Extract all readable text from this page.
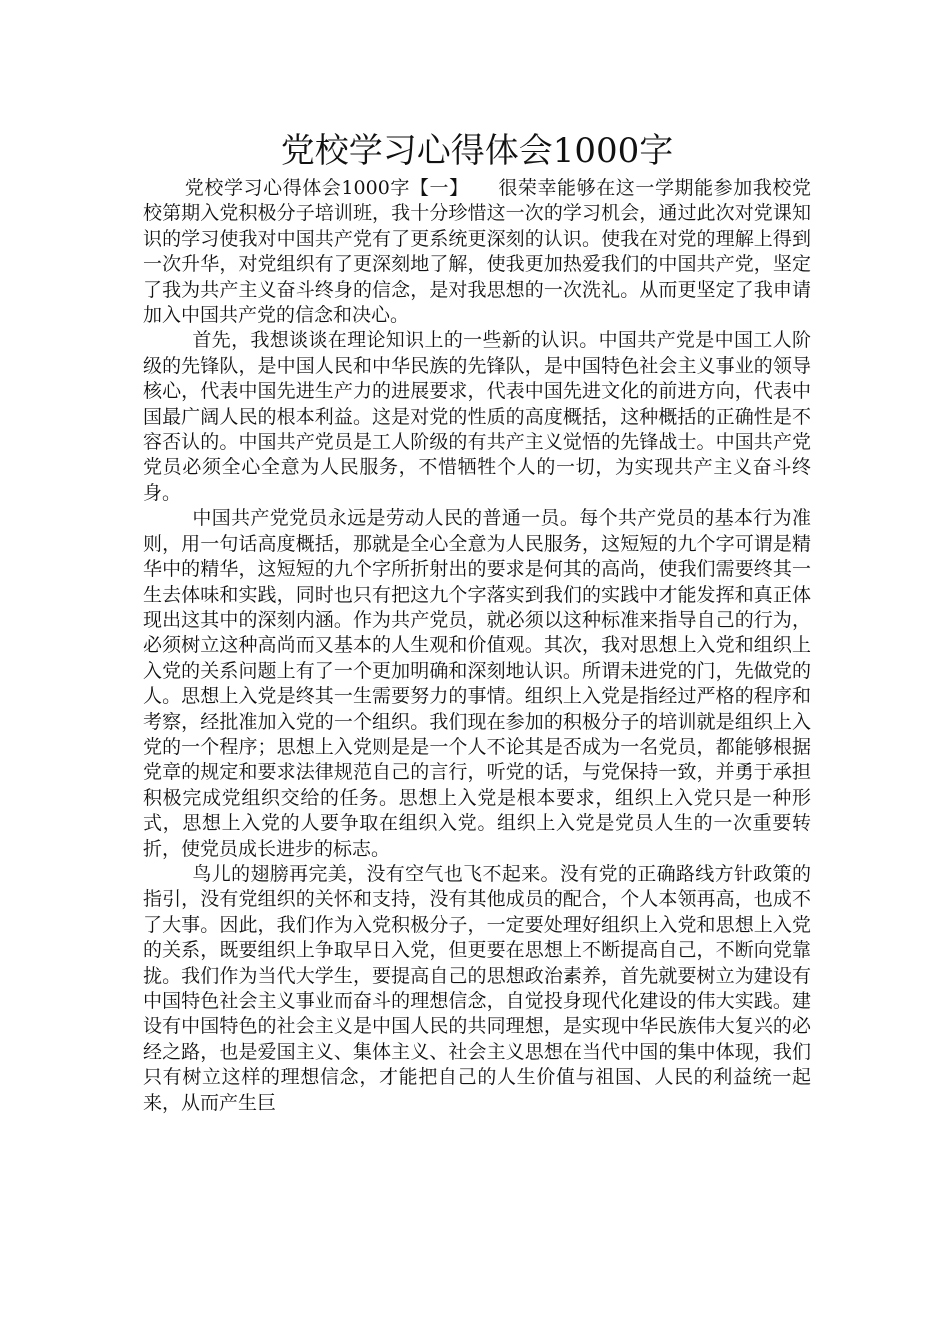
党校学习心得体会1000字

党校学习心得体会1000字【一】　　很荣幸能够在这一学期能参加我校党校第期入党积极分子培训班，我十分珍惜这一次的学习机会，通过此次对党课知识的学习使我对中国共产党有了更系统更深刻的认识。使我在对党的理解上得到一次升华，对党组织有了更深刻地了解，使我更加热爱我们的中国共产党，坚定了我为共产主义奋斗终身的信念，是对我思想的一次洗礼。从而更坚定了我申请加入中国共产党的信念和决心。

首先，我想谈谈在理论知识上的一些新的认识。中国共产党是中国工人阶级的先锋队，是中国人民和中华民族的先锋队，是中国特色社会主义事业的领导核心，代表中国先进生产力的进展要求，代表中国先进文化的前进方向，代表中国最广阔人民的根本利益。这是对党的性质的高度概括，这种概括的正确性是不容否认的。中国共产党员是工人阶级的有共产主义觉悟的先锋战士。中国共产党党员必须全心全意为人民服务，不惜牺牲个人的一切，为实现共产主义奋斗终身。

中国共产党党员永远是劳动人民的普通一员。每个共产党员的基本行为准则，用一句话高度概括，那就是全心全意为人民服务，这短短的九个字可谓是精华中的精华，这短短的九个字所折射出的要求是何其的高尚，使我们需要终其一生去体味和实践，同时也只有把这九个字落实到我们的实践中才能发挥和真正体现出这其中的深刻内涵。作为共产党员，就必须以这种标准来指导自己的行为，必须树立这种高尚而又基本的人生观和价值观。其次，我对思想上入党和组织上入党的关系问题上有了一个更加明确和深刻地认识。所谓未进党的门，先做党的人。思想上入党是终其一生需要努力的事情。组织上入党是指经过严格的程序和考察，经批准加入党的一个组织。我们现在参加的积极分子的培训就是组织上入党的一个程序；思想上入党则是是一个人不论其是否成为一名党员，都能够根据党章的规定和要求法律规范自己的言行，听党的话，与党保持一致，并勇于承担积极完成党组织交给的任务。思想上入党是根本要求，组织上入党只是一种形式，思想上入党的人要争取在组织入党。组织上入党是党员人生的一次重要转折，使党员成长进步的标志。

鸟儿的翅膀再完美，没有空气也飞不起来。没有党的正确路线方针政策的指引，没有党组织的关怀和支持，没有其他成员的配合，个人本领再高，也成不了大事。因此，我们作为入党积极分子，一定要处理好组织上入党和思想上入党的关系，既要组织上争取早日入党，但更要在思想上不断提高自己，不断向党靠拢。我们作为当代大学生，要提高自己的思想政治素养，首先就要树立为建设有中国特色社会主义事业而奋斗的理想信念，自觉投身现代化建设的伟大实践。建设有中国特色的社会主义是中国人民的共同理想，是实现中华民族伟大复兴的必经之路，也是爱国主义、集体主义、社会主义思想在当代中国的集中体现，我们只有树立这样的理想信念，才能把自己的人生价值与祖国、人民的利益统一起来，从而产生巨
